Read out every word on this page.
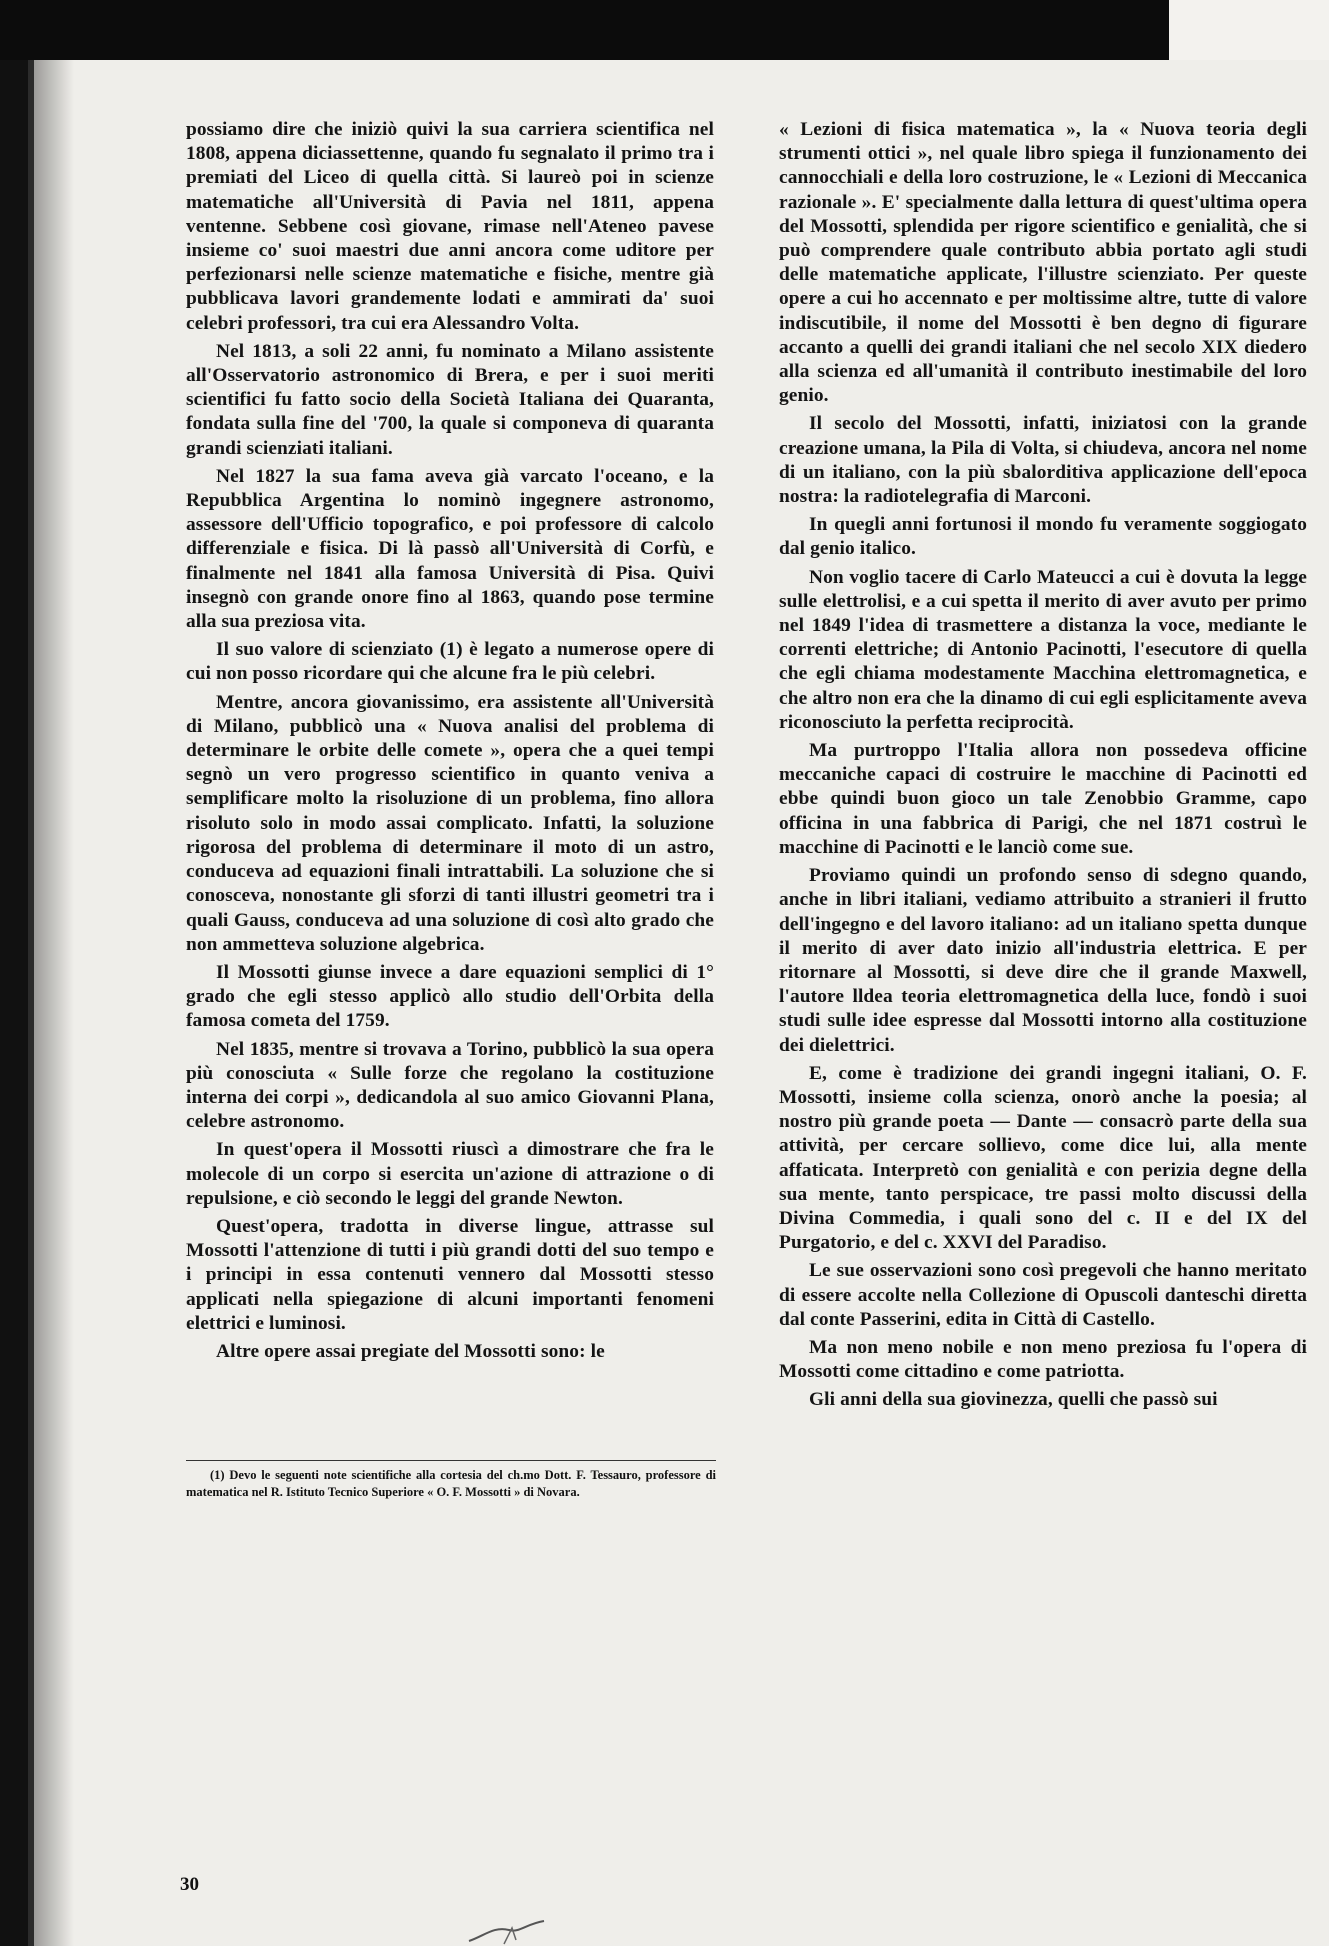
possiamo dire che iniziò quivi la sua carriera scientifica nel 1808, appena diciassettenne, quando fu segnalato il primo tra i premiati del Liceo di quella città. Si laureò poi in scienze matematiche all'Università di Pavia nel 1811, appena ventenne. Sebbene così giovane, rimase nell'Ateneo pavese insieme co' suoi maestri due anni ancora come uditore per perfezionarsi nelle scienze matematiche e fisiche, mentre già pubblicava lavori grandemente lodati e ammirati da' suoi celebri professori, tra cui era Alessandro Volta.

Nel 1813, a soli 22 anni, fu nominato a Milano assistente all'Osservatorio astronomico di Brera, e per i suoi meriti scientifici fu fatto socio della Società Italiana dei Quaranta, fondata sulla fine del '700, la quale si componeva di quaranta grandi scienziati italiani.

Nel 1827 la sua fama aveva già varcato l'oceano, e la Repubblica Argentina lo nominò ingegnere astronomo, assessore dell'Ufficio topografico, e poi professore di calcolo differenziale e fisica. Di là passò all'Università di Corfù, e finalmente nel 1841 alla famosa Università di Pisa. Quivi insegnò con grande onore fino al 1863, quando pose termine alla sua preziosa vita.

Il suo valore di scienziato (1) è legato a numerose opere di cui non posso ricordare qui che alcune fra le più celebri.

Mentre, ancora giovanissimo, era assistente all'Università di Milano, pubblicò una « Nuova analisi del problema di determinare le orbite delle comete », opera che a quei tempi segnò un vero progresso scientifico in quanto veniva a semplificare molto la risoluzione di un problema, fino allora risoluto solo in modo assai complicato. Infatti, la soluzione rigorosa del problema di determinare il moto di un astro, conduceva ad equazioni finali intrattabili. La soluzione che si conosceva, nonostante gli sforzi di tanti illustri geometri tra i quali Gauss, conduceva ad una soluzione di così alto grado che non ammetteva soluzione algebrica.

Il Mossotti giunse invece a dare equazioni semplici di 1° grado che egli stesso applicò allo studio dell'Orbita della famosa cometa del 1759.

Nel 1835, mentre si trovava a Torino, pubblicò la sua opera più conosciuta « Sulle forze che regolano la costituzione interna dei corpi », dedicandola al suo amico Giovanni Plana, celebre astronomo.

In quest'opera il Mossotti riuscì a dimostrare che fra le molecole di un corpo si esercita un'azione di attrazione o di repulsione, e ciò secondo le leggi del grande Newton.

Quest'opera, tradotta in diverse lingue, attrasse sul Mossotti l'attenzione di tutti i più grandi dotti del suo tempo e i principi in essa contenuti vennero dal Mossotti stesso applicati nella spiegazione di alcuni importanti fenomeni elettrici e luminosi.

Altre opere assai pregiate del Mossotti sono: le

« Lezioni di fisica matematica », la « Nuova teoria degli strumenti ottici », nel quale libro spiega il funzionamento dei cannocchiali e della loro costruzione, le « Lezioni di Meccanica razionale ». E' specialmente dalla lettura di quest'ultima opera del Mossotti, splendida per rigore scientifico e genialità, che si può comprendere quale contributo abbia portato agli studi delle matematiche applicate, l'illustre scienziato. Per queste opere a cui ho accennato e per moltissime altre, tutte di valore indiscutibile, il nome del Mossotti è ben degno di figurare accanto a quelli dei grandi italiani che nel secolo XIX diedero alla scienza ed all'umanità il contributo inestimabile del loro genio.

Il secolo del Mossotti, infatti, iniziatosi con la grande creazione umana, la Pila di Volta, si chiudeva, ancora nel nome di un italiano, con la più sbalorditiva applicazione dell'epoca nostra: la radiotelegrafia di Marconi.

In quegli anni fortunosi il mondo fu veramente soggiogato dal genio italico.

Non voglio tacere di Carlo Mateucci a cui è dovuta la legge sulle elettrolisi, e a cui spetta il merito di aver avuto per primo nel 1849 l'idea di trasmettere a distanza la voce, mediante le correnti elettriche; di Antonio Pacinotti, l'esecutore di quella che egli chiama modestamente Macchina elettromagnetica, e che altro non era che la dinamo di cui egli esplicitamente aveva riconosciuto la perfetta reciprocità.

Ma purtroppo l'Italia allora non possedeva officine meccaniche capaci di costruire le macchine di Pacinotti ed ebbe quindi buon gioco un tale Zenobbio Gramme, capo officina in una fabbrica di Parigi, che nel 1871 costruì le macchine di Pacinotti e le lanciò come sue.

Proviamo quindi un profondo senso di sdegno quando, anche in libri italiani, vediamo attribuito a stranieri il frutto dell'ingegno e del lavoro italiano: ad un italiano spetta dunque il merito di aver dato inizio all'industria elettrica. E per ritornare al Mossotti, si deve dire che il grande Maxwell, l'autore lldea teoria elettromagnetica della luce, fondò i suoi studi sulle idee espresse dal Mossotti intorno alla costituzione dei dielettrici.

E, come è tradizione dei grandi ingegni italiani, O. F. Mossotti, insieme colla scienza, onorò anche la poesia; al nostro più grande poeta — Dante — consacrò parte della sua attività, per cercare sollievo, come dice lui, alla mente affaticata. Interpretò con genialità e con perizia degne della sua mente, tanto perspicace, tre passi molto discussi della Divina Commedia, i quali sono del c. II e del IX del Purgatorio, e del c. XXVI del Paradiso.

Le sue osservazioni sono così pregevoli che hanno meritato di essere accolte nella Collezione di Opuscoli danteschi diretta dal conte Passerini, edita in Città di Castello.

Ma non meno nobile e non meno preziosa fu l'opera di Mossotti come cittadino e come patriotta.

Gli anni della sua giovinezza, quelli che passò sui

(1) Devo le seguenti note scientifiche alla cortesia del ch.mo Dott. F. Tessauro, professore di matematica nel R. Istituto Tecnico Superiore « O. F. Mossotti » di Novara.
30
